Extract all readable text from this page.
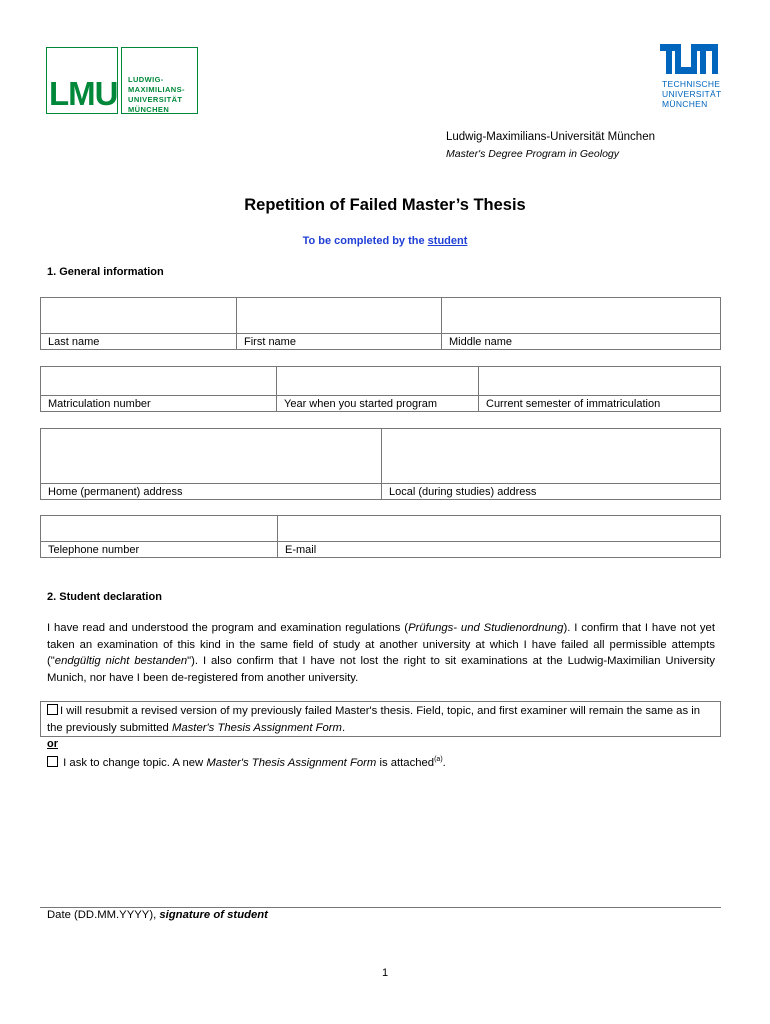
LMU LUDWIG-
MAXIMILIANS-
UNIVERSITÄT
MÜNCHEN
TECHNISCHE
UNIVERSITÄT
MÜNCHEN
Ludwig-Maximilians-Universität München
Master's Degree Program in Geology
Repetition of Failed Master’s Thesis
To be completed by the student
1. General information
Last name	First name	Middle name
Matriculation number	Year when you started program	Current semester of immatriculation
Home (permanent) address	Local (during studies) address
Telephone number	E-mail
2. Student declaration
I have read and understood the program and examination regulations (Prüfungs- und Studienordnung). I confirm that I have not yet taken an examination of this kind in the same field of study at another university at which I have failed all permissible attempts ("endgültig nicht bestanden"). I also confirm that I have not lost the right to sit examinations at the Ludwig-Maximilian University Munich, nor have I been de-registered from another university.
I will resubmit a revised version of my previously failed Master's thesis. Field, topic, and first examiner will remain the same as in the previously submitted Master's Thesis Assignment Form.
or
I ask to change topic. A new Master's Thesis Assignment Form is attached$^{(a)}$.
Date (DD.MM.YYYY), signature of student
1
